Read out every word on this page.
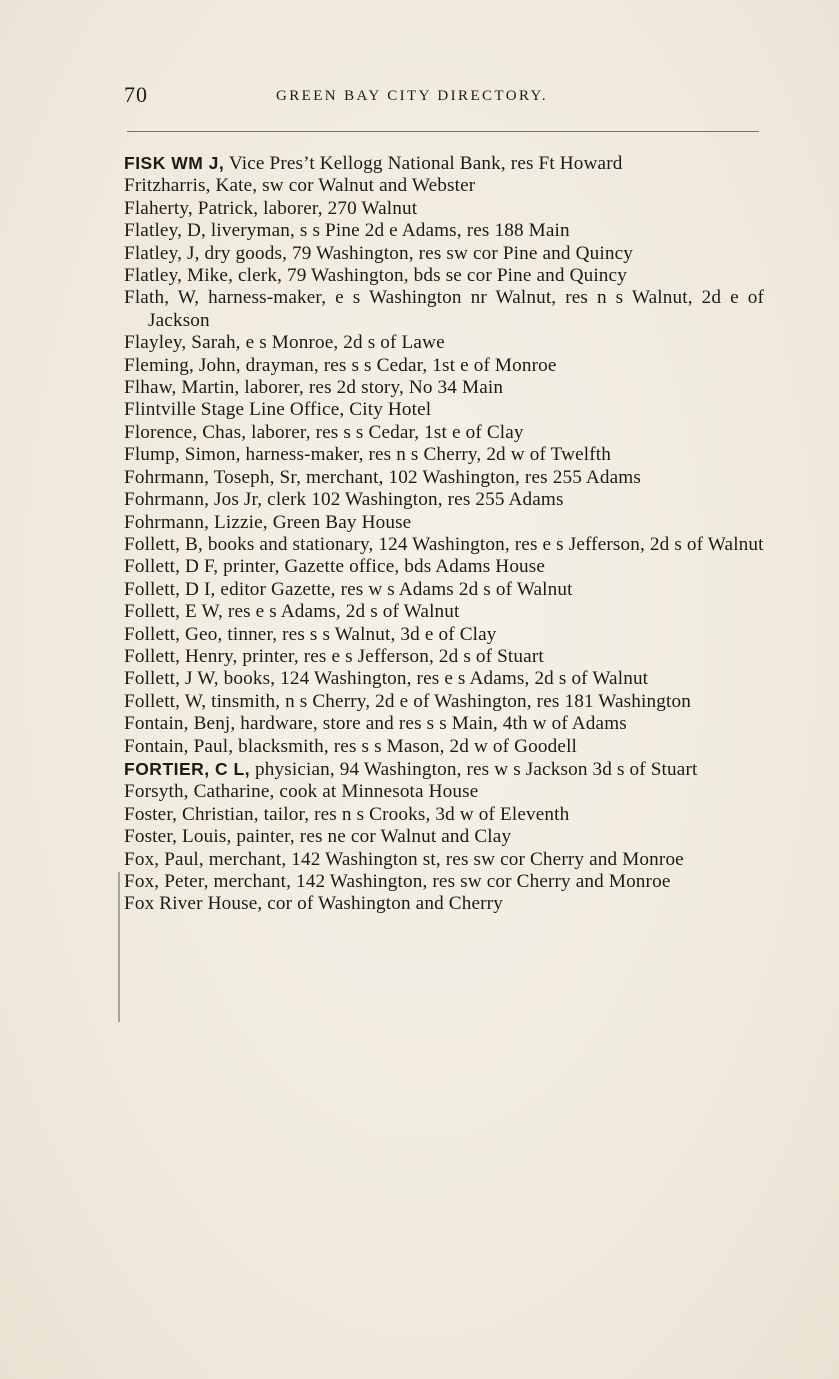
70	GREEN BAY CITY DIRECTORY.
FISK WM J, Vice Pres’t Kellogg National Bank, res Ft Howard
Fritzharris, Kate, sw cor Walnut and Webster
Flaherty, Patrick, laborer, 270 Walnut
Flatley, D, liveryman, s s Pine 2d e Adams, res 188 Main
Flatley, J, dry goods, 79 Washington, res sw cor Pine and Quincy
Flatley, Mike, clerk, 79 Washington, bds se cor Pine and Quincy
Flath, W, harness-maker, e s Washington nr Walnut, res n s Walnut, 2d e of Jackson
Flayley, Sarah, e s Monroe, 2d s of Lawe
Fleming, John, drayman, res s s Cedar, 1st e of Monroe
Flhaw, Martin, laborer, res 2d story, No 34 Main
Flintville Stage Line Office, City Hotel
Florence, Chas, laborer, res s s Cedar, 1st e of Clay
Flump, Simon, harness-maker, res n s Cherry, 2d w of Twelfth
Fohrmann, Toseph, Sr, merchant, 102 Washington, res 255 Adams
Fohrmann, Jos Jr, clerk 102 Washington, res 255 Adams
Fohrmann, Lizzie, Green Bay House
Follett, B, books and stationary, 124 Washington, res e s Jefferson, 2d s of Walnut
Follett, D F, printer, Gazette office, bds Adams House
Follett, D I, editor Gazette, res w s Adams 2d s of Walnut
Follett, E W, res e s Adams, 2d s of Walnut
Follett, Geo, tinner, res s s Walnut, 3d e of Clay
Follett, Henry, printer, res e s Jefferson, 2d s of Stuart
Follett, J W, books, 124 Washington, res e s Adams, 2d s of Walnut
Follett, W, tinsmith, n s Cherry, 2d e of Washington, res 181 Washington
Fontain, Benj, hardware, store and res s s Main, 4th w of Adams
Fontain, Paul, blacksmith, res s s Mason, 2d w of Goodell
FORTIER, C L, physician, 94 Washington, res w s Jackson 3d s of Stuart
Forsyth, Catharine, cook at Minnesota House
Foster, Christian, tailor, res n s Crooks, 3d w of Eleventh
Foster, Louis, painter, res ne cor Walnut and Clay
Fox, Paul, merchant, 142 Washington st, res sw cor Cherry and Monroe
Fox, Peter, merchant, 142 Washington, res sw cor Cherry and Monroe
Fox River House, cor of Washington and Cherry
